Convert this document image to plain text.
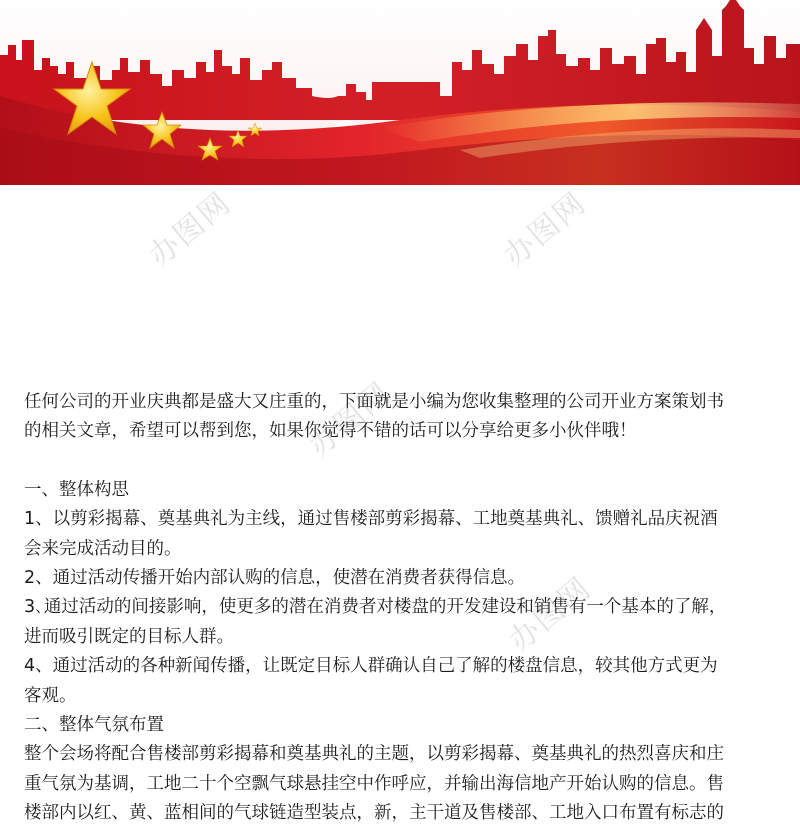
办图网	办图网
办图网
办图网

任何公司的开业庆典都是盛大又庄重的，下面就是小编为您收集整理的公司开业方案策划书

的相关文章，希望可以帮到您，如果你觉得不错的话可以分享给更多小伙伴哦！

一、整体构思

1、以剪彩揭幕、奠基典礼为主线，通过售楼部剪彩揭幕、工地奠基典礼、馈赠礼品庆祝酒

会来完成活动目的。

2、通过活动传播开始内部认购的信息，使潜在消费者获得信息。

3､通过活动的间接影响，使更多的潜在消费者对楼盘的开发建设和销售有一个基本的了解，

进而吸引既定的目标人群。

4、通过活动的各种新闻传播，让既定目标人群确认自己了解的楼盘信息，较其他方式更为

客观。

二、整体气氛布置

整个会场将配合售楼部剪彩揭幕和奠基典礼的主题，以剪彩揭幕、奠基典礼的热烈喜庆和庄

重气氛为基调，工地二十个空飘气球悬挂空中作呼应，并输出海信地产开始认购的信息。售

楼部内以红、黄、蓝相间的气球链造型装点，新，主干道及售楼部、工地入口布置有标志的
